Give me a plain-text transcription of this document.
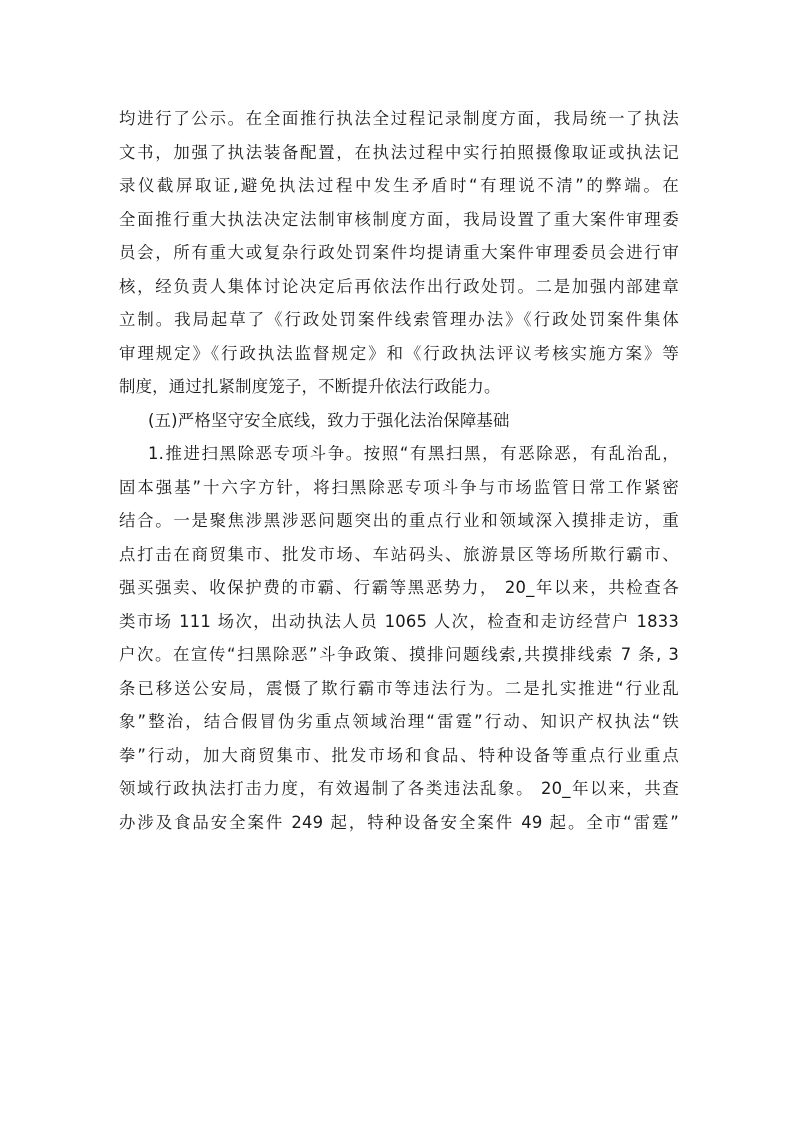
均进行了公示。在全面推行执法全过程记录制度方面，我局统一了执法

文书，加强了执法装备配置，在执法过程中实行拍照摄像取证或执法记

录仪截屏取证,避免执法过程中发生矛盾时“有理说不清”的弊端。在

全面推行重大执法决定法制审核制度方面，我局设置了重大案件审理委

员会，所有重大或复杂行政处罚案件均提请重大案件审理委员会进行审

核，经负责人集体讨论决定后再依法作出行政处罚。二是加强内部建章

立制。我局起草了《行政处罚案件线索管理办法》《行政处罚案件集体

审理规定》《行政执法监督规定》和《行政执法评议考核实施方案》等

制度，通过扎紧制度笼子，不断提升依法行政能力。

(五)严格坚守安全底线，致力于强化法治保障基础

1.推进扫黑除恶专项斗争。按照“有黑扫黑，有恶除恶，有乱治乱，

固本强基”十六字方针，将扫黑除恶专项斗争与市场监管日常工作紧密

结合。一是聚焦涉黑涉恶问题突出的重点行业和领域深入摸排走访，重

点打击在商贸集市、批发市场、车站码头、旅游景区等场所欺行霸市、

强买强卖、收保护费的市霸、行霸等黑恶势力， 20_年以来，共检查各

类市场 111 场次，出动执法人员 1065 人次，检查和走访经营户 1833

户次。在宣传“扫黑除恶”斗争政策、摸排问题线索,共摸排线索 7 条, 3

条已移送公安局，震慑了欺行霸市等违法行为。二是扎实推进“行业乱

象”整治，结合假冒伪劣重点领域治理“雷霆”行动、知识产权执法“铁

拳”行动，加大商贸集市、批发市场和食品、特种设备等重点行业重点

领域行政执法打击力度，有效遏制了各类违法乱象。 20_年以来，共查

办涉及食品安全案件 249 起，特种设备安全案件 49 起。全市“雷霆”
